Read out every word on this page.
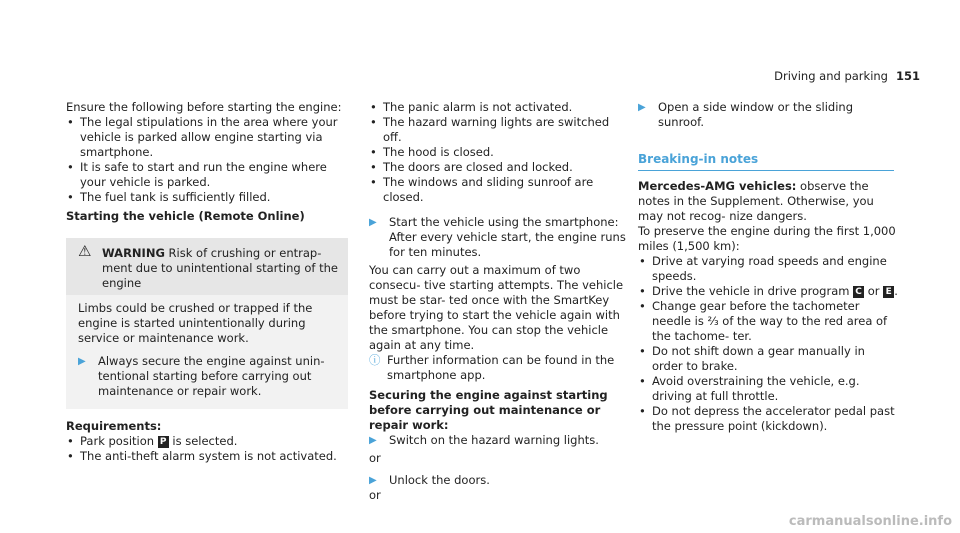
Driving and parking 151

Ensure the following before starting the engine:

• The legal stipulations in the area where your vehicle is parked allow engine starting via smartphone.

• It is safe to start and run the engine where your vehicle is parked.

• The fuel tank is sufficiently filled.

Starting the vehicle (Remote Online)

⚠ WARNING Risk of crushing or entrap- ment due to unintentional starting of the engine

Limbs could be crushed or trapped if the engine is started unintentionally during service or maintenance work.

▶ Always secure the engine against unin- tentional starting before carrying out maintenance or repair work.

Requirements:

• Park position P is selected.

• The anti-theft alarm system is not activated.

• The panic alarm is not activated.

• The hazard warning lights are switched off.

• The hood is closed.

• The doors are closed and locked.

• The windows and sliding sunroof are closed.

▶ Start the vehicle using the smartphone: After every vehicle start, the engine runs for ten minutes.

You can carry out a maximum of two consecu- tive starting attempts. The vehicle must be star- ted once with the SmartKey before trying to start the vehicle again with the smartphone. You can stop the vehicle again at any time.

ⓘ Further information can be found in the smartphone app.

Securing the engine against starting before carrying out maintenance or repair work:

▶ Switch on the hazard warning lights.

or

▶ Unlock the doors.

or

▶ Open a side window or the sliding sunroof.

Breaking-in notes

Mercedes-AMG vehicles: observe the notes in the Supplement. Otherwise, you may not recog- nize dangers.

To preserve the engine during the first 1,000 miles (1,500 km):

• Drive at varying road speeds and engine speeds.

• Drive the vehicle in drive program C or E .

• Change gear before the tachometer needle is ⅔ of the way to the red area of the tachome- ter.

• Do not shift down a gear manually in order to brake.

• Avoid overstraining the vehicle, e.g. driving at full throttle.

• Do not depress the accelerator pedal past the pressure point (kickdown).

carmanualsonline.info
